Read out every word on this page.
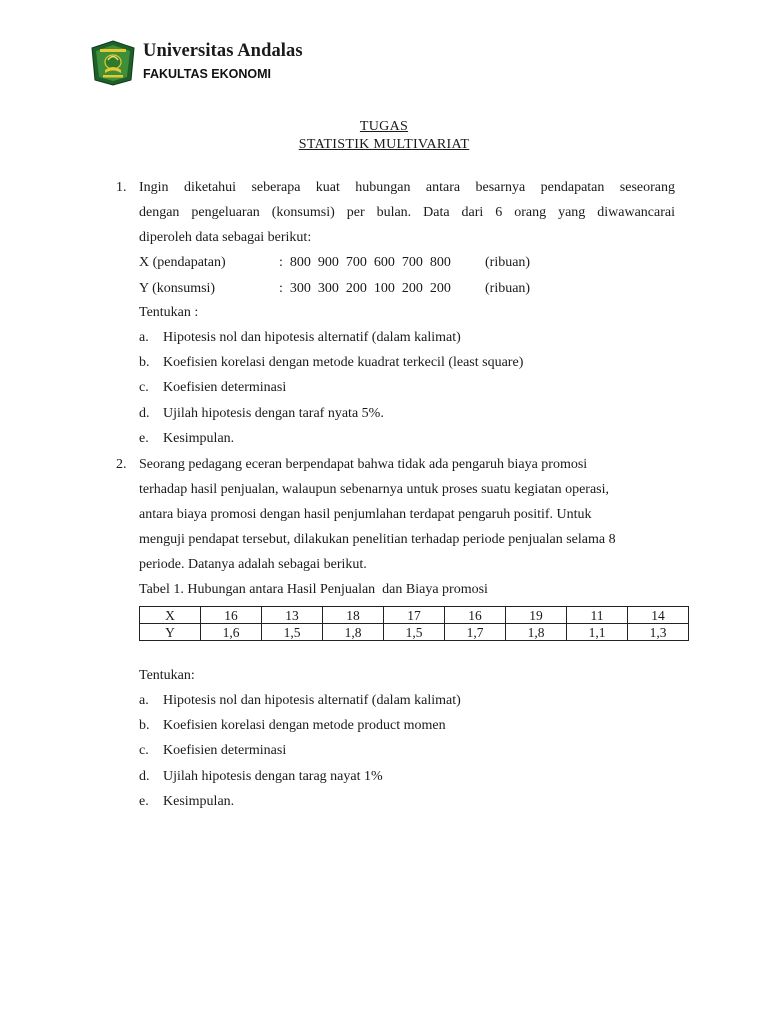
Universitas Andalas
FAKULTAS EKONOMI
TUGAS
STATISTIK MULTIVARIAT
1. Ingin diketahui seberapa kuat hubungan antara besarnya pendapatan seseorang
dengan pengeluaran (konsumsi) per bulan. Data dari 6 orang yang diwawancarai
diperoleh data sebagai berikut:
X (pendapatan)	:  800  900  700  600  700  800 (ribuan)
Y (konsumsi)	:  300  300  200  100  200  200 (ribuan)
Tentukan :
a. Hipotesis nol dan hipotesis alternatif (dalam kalimat)
b. Koefisien korelasi dengan metode kuadrat terkecil (least square)
c. Koefisien determinasi
d. Ujilah hipotesis dengan taraf nyata 5%.
e. Kesimpulan.
2. Seorang pedagang eceran berpendapat bahwa tidak ada pengaruh biaya promosi
terhadap hasil penjualan, walaupun sebenarnya untuk proses suatu kegiatan operasi,
antara biaya promosi dengan hasil penjumlahan terdapat pengaruh positif. Untuk
menguji pendapat tersebut, dilakukan penelitian terhadap periode penjualan selama 8
periode. Datanya adalah sebagai berikut.
Tabel 1. Hubungan antara Hasil Penjualan  dan Biaya promosi
X	16	13	18	17	16	19	11	14
Y	1,6	1,5	1,8	1,5	1,7	1,8	1,1	1,3
Tentukan:
a. Hipotesis nol dan hipotesis alternatif (dalam kalimat)
b. Koefisien korelasi dengan metode product momen
c. Koefisien determinasi
d. Ujilah hipotesis dengan tarag nayat 1%
e. Kesimpulan.
